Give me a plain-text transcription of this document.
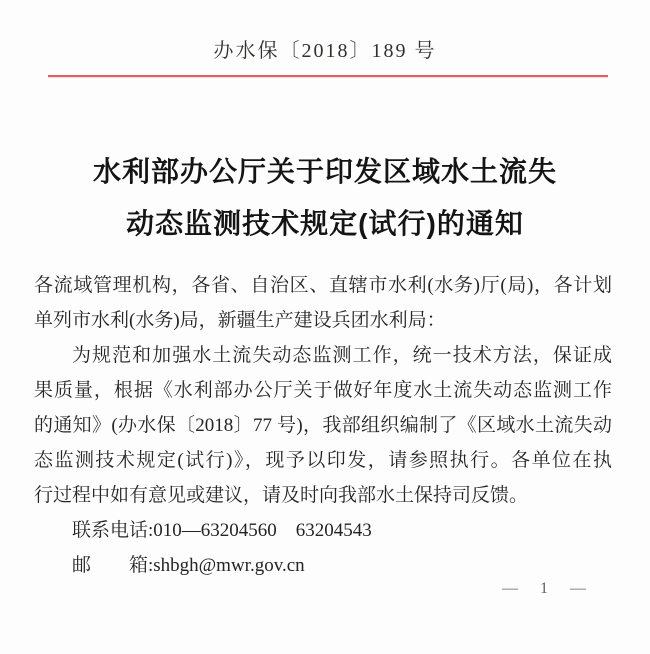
办水保〔2018〕189 号
水利部办公厅关于印发区域水土流失
动态监测技术规定(试行)的通知
各流域管理机构，各省、自治区、直辖市水利(水务)厅(局)，各计划
单列市水利(水务)局，新疆生产建设兵团水利局：
为规范和加强水土流失动态监测工作，统一技术方法，保证成
果质量，根据《水利部办公厅关于做好年度水土流失动态监测工作
的通知》(办水保〔2018〕77 号)，我部组织编制了《区域水土流失动
态监测技术规定(试行)》，现予以印发，请参照执行。各单位在执
行过程中如有意见或建议，请及时向我部水土保持司反馈。
联系电话:010—63204560　63204543
邮　　箱:shbgh@mwr.gov.cn
— 1 —
